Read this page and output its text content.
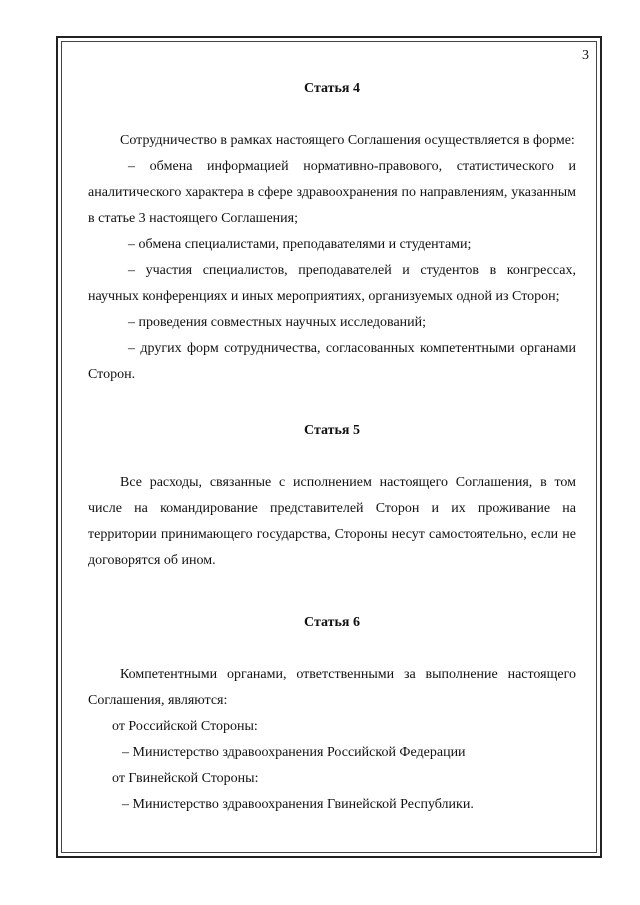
3

Статья 4

Сотрудничество в рамках настоящего Соглашения осуществляется в форме:

– обмена информацией нормативно-правового, статистического и аналитического характера в сфере здравоохранения по направлениям, указанным в статье 3 настоящего Соглашения;

– обмена специалистами, преподавателями и студентами;

– участия специалистов, преподавателей и студентов в конгрессах, научных конференциях и иных мероприятиях, организуемых одной из Сторон;

– проведения совместных научных исследований;

– других форм сотрудничества, согласованных компетентными органами Сторон.

Статья 5

Все расходы, связанные с исполнением настоящего Соглашения, в том числе на командирование представителей Сторон и их проживание на территории принимающего государства, Стороны несут самостоятельно, если не договорятся об ином.

Статья 6

Компетентными органами, ответственными за выполнение настоящего Соглашения, являются:

от Российской Стороны:

– Министерство здравоохранения Российской Федерации

от Гвинейской Стороны:

– Министерство здравоохранения Гвинейской Республики.
